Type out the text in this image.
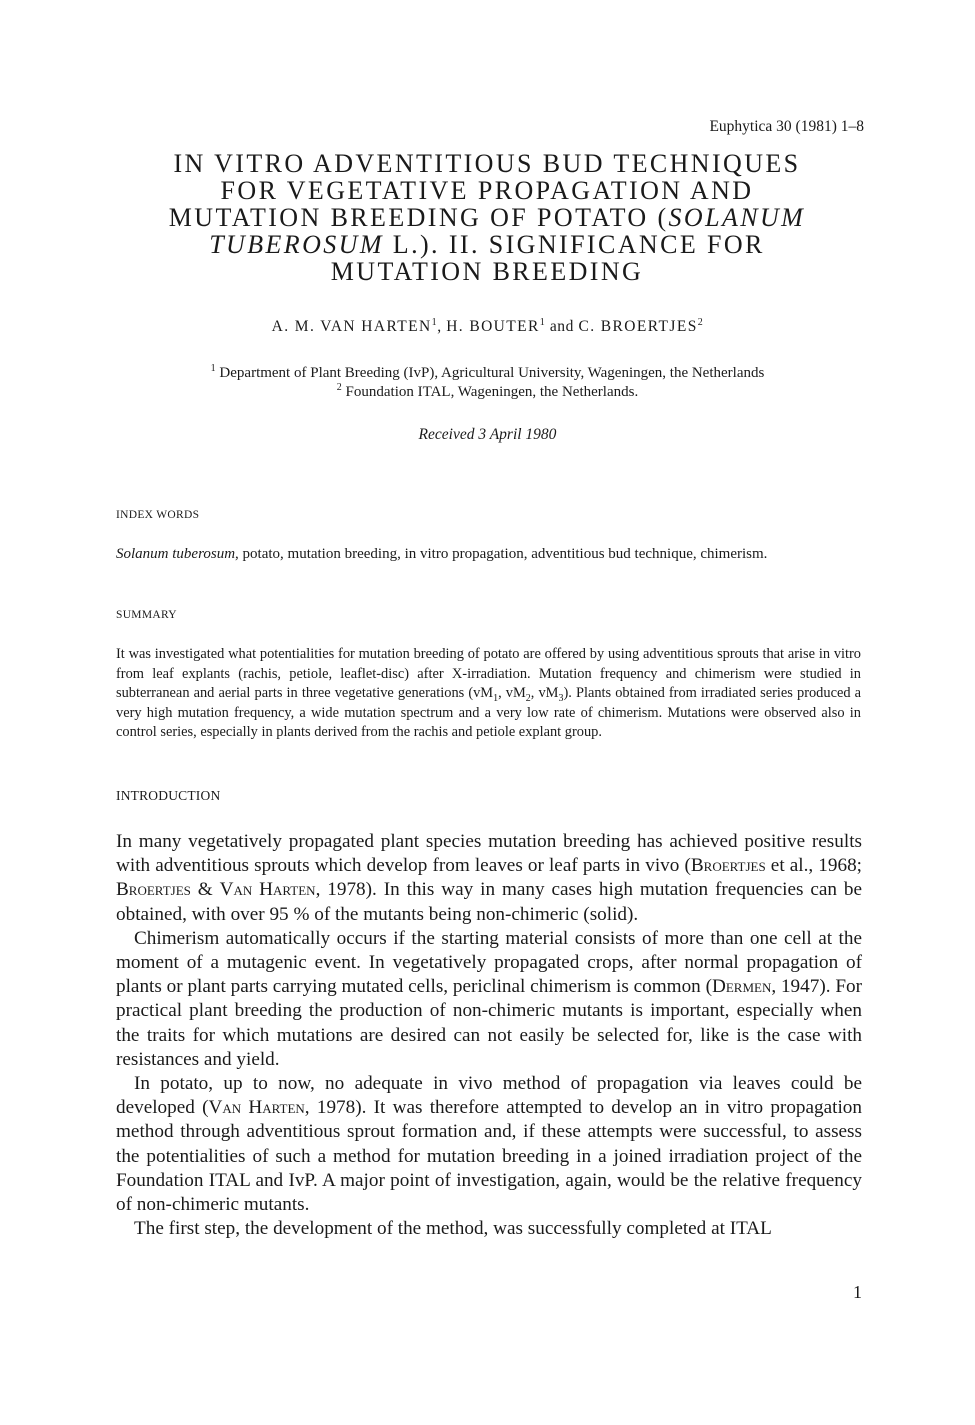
Euphytica 30 (1981) 1–8
IN VITRO ADVENTITIOUS BUD TECHNIQUES
FOR VEGETATIVE PROPAGATION AND
MUTATION BREEDING OF POTATO (SOLANUM
TUBEROSUM L.). II. SIGNIFICANCE FOR
MUTATION BREEDING
A. M. VAN HARTEN$^1$, H. BOUTER$^1$ and C. BROERTJES$^2$
$^1$ Department of Plant Breeding (IvP), Agricultural University, Wageningen, the Netherlands
$^2$ Foundation ITAL, Wageningen, the Netherlands.
Received 3 April 1980
INDEX WORDS
Solanum tuberosum, potato, mutation breeding, in vitro propagation, adventitious bud technique, chimerism.
SUMMARY
It was investigated what potentialities for mutation breeding of potato are offered by using adventitious sprouts that arise in vitro from leaf explants (rachis, petiole, leaflet-disc) after X-irradiation. Mutation frequency and chimerism were studied in subterranean and aerial parts in three vegetative generations ($vM_1$, $vM_2$, $vM_3$). Plants obtained from irradiated series produced a very high mutation frequency, a wide mutation spectrum and a very low rate of chimerism. Mutations were observed also in control series, especially in plants derived from the rachis and petiole explant group.
INTRODUCTION

In many vegetatively propagated plant species mutation breeding has achieved positive results with adventitious sprouts which develop from leaves or leaf parts in vivo (Broertjes et al., 1968; Broertjes & Van Harten, 1978). In this way in many cases high mutation frequencies can be obtained, with over 95 % of the mutants being non-chimeric (solid).

Chimerism automatically occurs if the starting material consists of more than one cell at the moment of a mutagenic event. In vegetatively propagated crops, after normal propagation of plants or plant parts carrying mutated cells, periclinal chimerism is common (Dermen, 1947). For practical plant breeding the production of non-chimeric mutants is important, especially when the traits for which mutations are desired can not easily be selected for, like is the case with resistances and yield.

In potato, up to now, no adequate in vivo method of propagation via leaves could be developed (Van Harten, 1978). It was therefore attempted to develop an in vitro propagation method through adventitious sprout formation and, if these attempts were successful, to assess the potentialities of such a method for mutation breeding in a joined irradiation project of the Foundation ITAL and IvP. A major point of investigation, again, would be the relative frequency of non-chimeric mutants.

The first step, the development of the method, was successfully completed at ITAL

1
